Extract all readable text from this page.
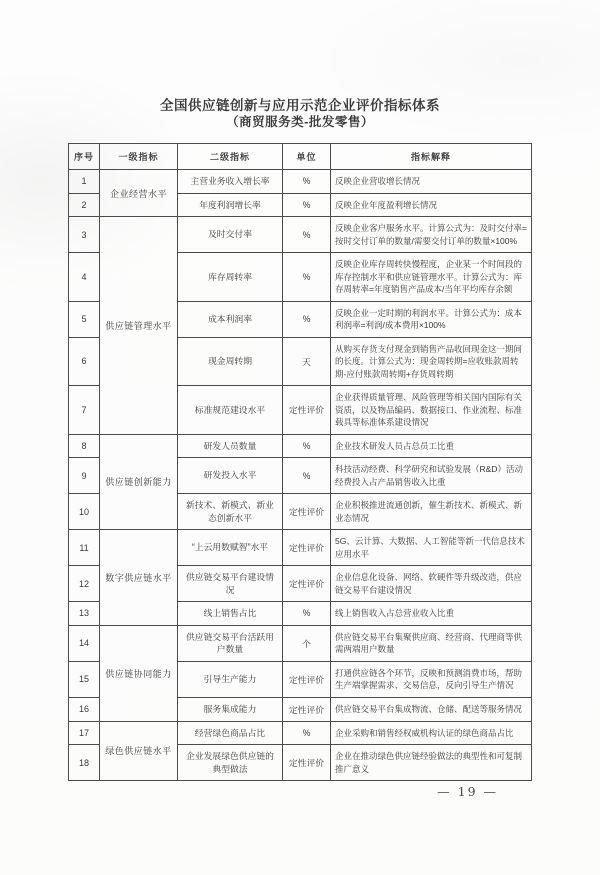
全国供应链创新与应用示范企业评价指标体系
（商贸服务类-批发零售）
序号	一级指标	二级指标	单位	指标解释
1	企业经营水平	主营业务收入增长率	%	反映企业营收增长情况
2		年度利润增长率	%	反映企业年度盈利增长情况
3	供应链管理水平	及时交付率	%	反映企业客户服务水平。计算公式为：及时交付率=按时交付订单的数量/需要交付订单的数量×100%
4		库存周转率	%	反映企业库存周转快慢程度，企业某一个时间段的库存控制水平和供应链管理水平。计算公式为：库存周转率=年度销售产品成本/当年平均库存余额
5		成本利润率	%	反映企业一定时期的利润水平。计算公式为：成本利润率=利润/成本费用×100%
6		现金周转期	天	从购买存货支付现金到销售产品收回现金这一期间的长度。计算公式为：现金周转期=应收账款周转期-应付账款周转期+存货周转期
7		标准规范建设水平	定性评价	企业获得质量管理、风险管理等相关国内国际有关资质，以及物品编码、数据接口、作业流程、标准载具等标准体系建设情况
8	供应链创新能力	研发人员数量	%	企业技术研发人员占总员工比重
9		研发投入水平	%	科技活动经费、科学研究和试验发展（R&D）活动经费投入占产品销售收入比重
10		新技术、新模式、新业态创新水平	定性评价	企业积极推进流通创新，催生新技术、新模式、新业态情况
11	数字供应链水平	“上云用数赋智”水平	定性评价	5G、云计算、大数据、人工智能等新一代信息技术应用水平
12		供应链交易平台建设情况	定性评价	企业信息化设备、网络、软硬件等升级改造，供应链交易平台建设情况
13		线上销售占比	%	线上销售收入占总营业收入比重
14	供应链协同能力	供应链交易平台活跃用户数量	个	供应链交易平台集聚供应商、经营商、代理商等供需两端用户数量
15		引导生产能力	定性评价	打通供应链各个环节，反映和预测消费市场，帮助生产端掌握需求、交易信息，反向引导生产情况
16		服务集成能力	定性评价	供应链交易平台集成物流、仓储、配送等服务情况
17	绿色供应链水平	经营绿色商品占比	%	企业采购和销售经权威机构认证的绿色商品占比
18		企业发展绿色供应链的典型做法	定性评价	企业在推动绿色供应链经验做法的典型性和可复制推广意义
— 19 —
